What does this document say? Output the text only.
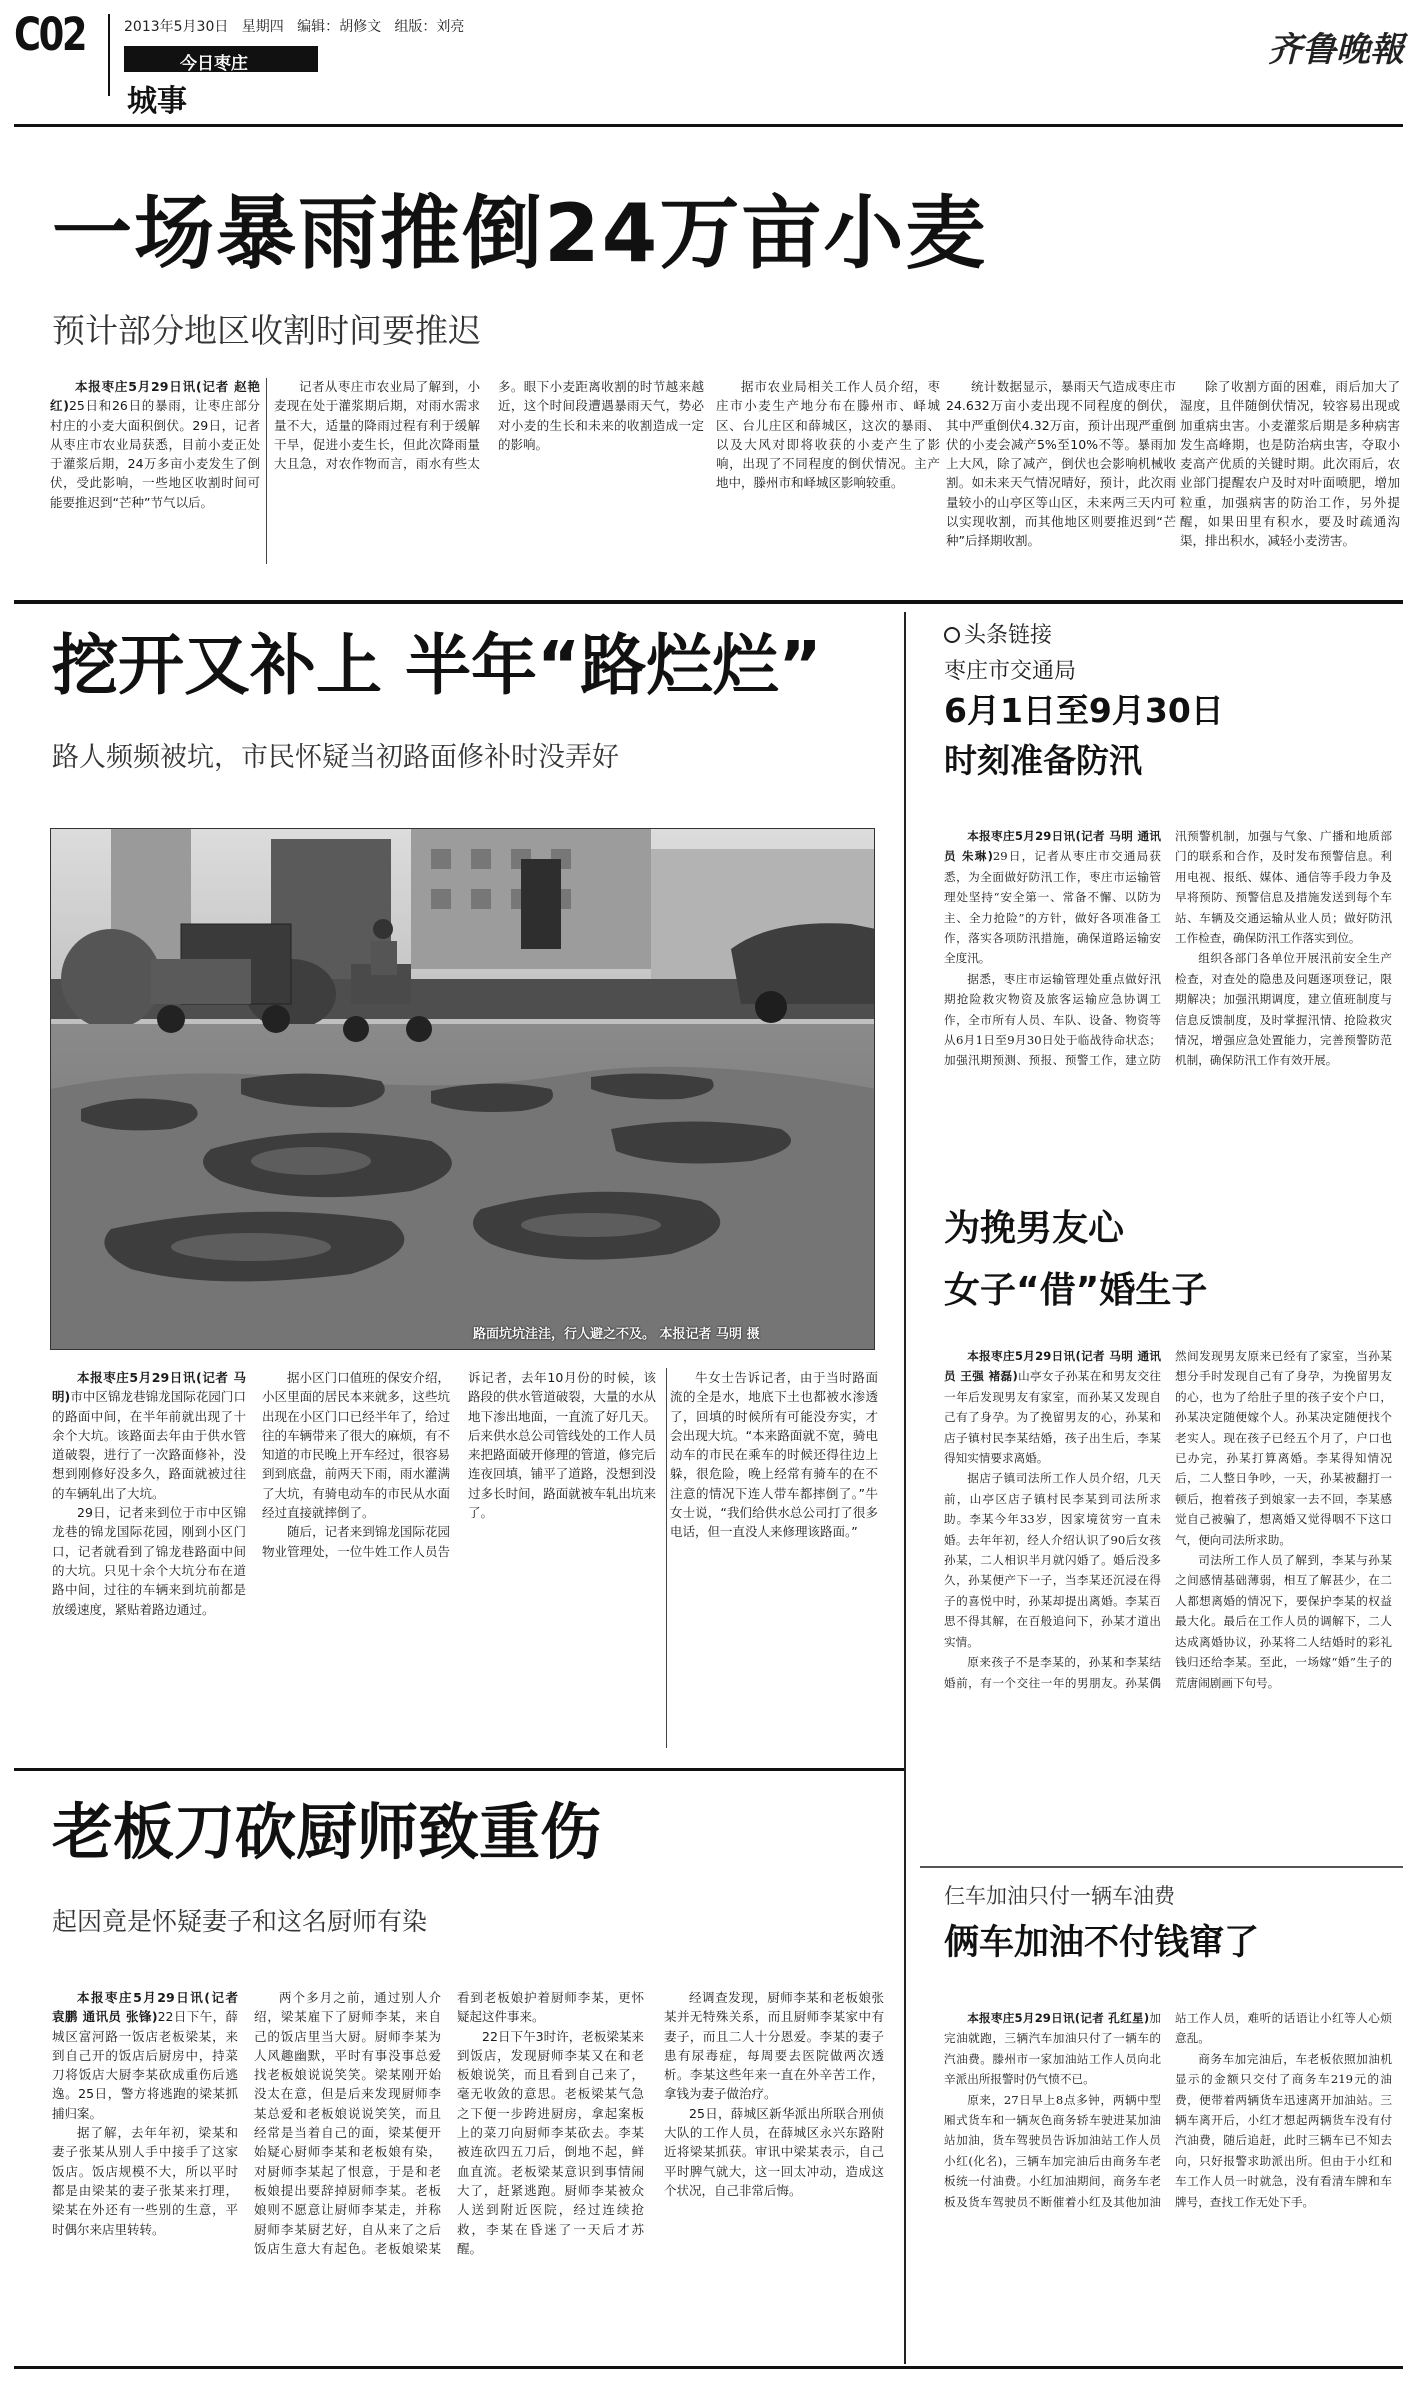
C02	2013年5月30日 星期四 编辑：胡修文 组版：刘亮
今日枣庄
城事
齐鲁晚報
一场暴雨推倒24万亩小麦
预计部分地区收割时间要推迟

本报枣庄5月29日讯(记者 赵艳红)25日和26日的暴雨，让枣庄部分村庄的小麦大面积倒伏。29日，记者从枣庄市农业局获悉，目前小麦正处于灌浆后期，24万多亩小麦发生了倒伏，受此影响，一些地区收割时间可能要推迟到“芒种”节气以后。

记者从枣庄市农业局了解到，小麦现在处于灌浆期后期，对雨水需求量不大，适量的降雨过程有利于缓解干旱，促进小麦生长，但此次降雨量大且急，对农作物而言，雨水有些太多。眼下小麦距离收割的时节越来越近，这个时间段遭遇暴雨天气，势必对小麦的生长和未来的收割造成一定的影响。

据市农业局相关工作人员介绍，枣庄市小麦生产地分布在滕州市、峄城区、台儿庄区和薛城区，这次的暴雨、以及大风对即将收获的小麦产生了影响，出现了不同程度的倒伏情况。主产地中，滕州市和峄城区影响较重。

统计数据显示，暴雨天气造成枣庄市24.632万亩小麦出现不同程度的倒伏，其中严重倒伏4.32万亩，预计出现严重倒伏的小麦会减产5%至10%不等。暴雨加上大风，除了减产，倒伏也会影响机械收割。如未来天气情况晴好，预计，此次雨量较小的山亭区等山区，未来两三天内可以实现收割，而其他地区则要推迟到“芒种”后择期收割。

除了收割方面的困难，雨后加大了湿度，且伴随倒伏情况，较容易出现或加重病虫害。小麦灌浆后期是多种病害发生高峰期，也是防治病虫害，夺取小麦高产优质的关键时期。此次雨后，农业部门提醒农户及时对叶面喷肥，增加粒重，加强病害的防治工作，另外提醒，如果田里有积水，要及时疏通沟渠，排出积水，减轻小麦涝害。

挖开又补上 半年“路烂烂”
路人频频被坑，市民怀疑当初路面修补时没弄好
路面坑坑洼洼，行人避之不及。 本报记者 马明 摄

本报枣庄5月29日讯(记者 马明)市中区锦龙巷锦龙国际花园门口的路面中间，在半年前就出现了十余个大坑。该路面去年由于供水管道破裂，进行了一次路面修补，没想到刚修好没多久，路面就被过往的车辆轧出了大坑。

29日，记者来到位于市中区锦龙巷的锦龙国际花园，刚到小区门口，记者就看到了锦龙巷路面中间的大坑。只见十余个大坑分布在道路中间，过往的车辆来到坑前都是放缓速度，紧贴着路边通过。

据小区门口值班的保安介绍，小区里面的居民本来就多，这些坑出现在小区门口已经半年了，给过往的车辆带来了很大的麻烦，有不知道的市民晚上开车经过，很容易到到底盘，前两天下雨，雨水灌满了大坑，有骑电动车的市民从水面经过直接就摔倒了。

随后，记者来到锦龙国际花园物业管理处，一位牛姓工作人员告诉记者，去年10月份的时候，该路段的供水管道破裂，大量的水从地下渗出地面，一直流了好几天。后来供水总公司管线处的工作人员来把路面破开修理的管道，修完后连夜回填，铺平了道路，没想到没过多长时间，路面就被车轧出坑来了。

牛女士告诉记者，由于当时路面流的全是水，地底下土也都被水渗透了，回填的时候所有可能没夯实，才会出现大坑。“本来路面就不宽，骑电动车的市民在乘车的时候还得往边上躲，很危险，晚上经常有骑车的在不注意的情况下连人带车都摔倒了。”牛女士说，“我们给供水总公司打了很多电话，但一直没人来修理该路面。”

老板刀砍厨师致重伤
起因竟是怀疑妻子和这名厨师有染

本报枣庄5月29日讯(记者 袁鹏 通讯员 张锋)22日下午，薛城区富河路一饭店老板梁某，来到自己开的饭店后厨房中，持菜刀将饭店大厨李某砍成重伤后逃逸。25日，警方将逃跑的梁某抓捕归案。

据了解，去年年初，梁某和妻子张某从别人手中接手了这家饭店。饭店规模不大，所以平时都是由梁某的妻子张某来打理，梁某在外还有一些别的生意，平时偶尔来店里转转。

两个多月之前，通过别人介绍，梁某雇下了厨师李某，来自己的饭店里当大厨。厨师李某为人风趣幽默，平时有事没事总爱找老板娘说说笑笑。梁某刚开始没太在意，但是后来发现厨师李某总爱和老板娘说说笑笑，而且经常是当着自己的面，梁某便开始疑心厨师李某和老板娘有染，对厨师李某起了恨意，于是和老板娘提出要辞掉厨师李某。老板娘则不愿意让厨师李某走，并称厨师李某厨艺好，自从来了之后饭店生意大有起色。老板娘梁某看到老板娘护着厨师李某，更怀疑起这件事来。

22日下午3时许，老板梁某来到饭店，发现厨师李某又在和老板娘说笑，而且看到自己来了，毫无收敛的意思。老板梁某气急之下便一步跨进厨房，拿起案板上的菜刀向厨师李某砍去。李某被连砍四五刀后，倒地不起，鲜血直流。老板梁某意识到事情闹大了，赶紧逃跑。厨师李某被众人送到附近医院，经过连续抢救，李某在昏迷了一天后才苏醒。

经调查发现，厨师李某和老板娘张某并无特殊关系，而且厨师李某家中有妻子，而且二人十分恩爱。李某的妻子患有尿毒症，每周要去医院做两次透析。李某这些年来一直在外辛苦工作，拿钱为妻子做治疗。

25日，薛城区新华派出所联合刑侦大队的工作人员，在薛城区永兴东路附近将梁某抓获。审讯中梁某表示，自己平时脾气就大，这一回太冲动，造成这个状况，自己非常后悔。

头条链接
枣庄市交通局
6月1日至9月30日
时刻准备防汛

本报枣庄5月29日讯(记者 马明 通讯员 朱琳)29日，记者从枣庄市交通局获悉，为全面做好防汛工作，枣庄市运输管理处坚持“安全第一、常备不懈、以防为主、全力抢险”的方针，做好各项准备工作，落实各项防汛措施，确保道路运输安全度汛。

据悉，枣庄市运输管理处重点做好汛期抢险救灾物资及旅客运输应急协调工作，全市所有人员、车队、设备、物资等从6月1日至9月30日处于临战待命状态；加强汛期预测、预报、预警工作，建立防汛预警机制，加强与气象、广播和地质部门的联系和合作，及时发布预警信息。利用电视、报纸、媒体、通信等手段力争及早将预防、预警信息及措施发送到每个车站、车辆及交通运输从业人员；做好防汛工作检查，确保防汛工作落实到位。

组织各部门各单位开展汛前安全生产检查，对查处的隐患及问题逐项登记，限期解决；加强汛期调度，建立值班制度与信息反馈制度，及时掌握汛情、抢险救灾情况，增强应急处置能力，完善预警防范机制，确保防汛工作有效开展。

为挽男友心
女子“借”婚生子

本报枣庄5月29日讯(记者 马明 通讯员 王强 褚磊)山亭女子孙某在和男友交往一年后发现男友有家室，而孙某又发现自己有了身孕。为了挽留男友的心，孙某和店子镇村民李某结婚，孩子出生后，李某得知实情要求离婚。

据店子镇司法所工作人员介绍，几天前，山亭区店子镇村民李某到司法所求助。李某今年33岁，因家境贫穷一直未婚。去年年初，经人介绍认识了90后女孩孙某，二人相识半月就闪婚了。婚后没多久，孙某便产下一子，当李某还沉浸在得子的喜悦中时，孙某却提出离婚。李某百思不得其解，在百般追问下，孙某才道出实情。

原来孩子不是李某的，孙某和李某结婚前，有一个交往一年的男朋友。孙某偶然间发现男友原来已经有了家室，当孙某想分手时发现自己有了身孕，为挽留男友的心，也为了给肚子里的孩子安个户口，孙某决定随便嫁个人。孙某决定随便找个老实人。现在孩子已经五个月了，户口也已办完，孙某打算离婚。李某得知情况后，二人整日争吵，一天，孙某被翻打一顿后，抱着孩子到娘家一去不回，李某感觉自己被骗了，想离婚又觉得咽不下这口气，便向司法所求助。

司法所工作人员了解到，李某与孙某之间感情基础薄弱，相互了解甚少，在二人都想离婚的情况下，要保护李某的权益最大化。最后在工作人员的调解下，二人达成离婚协议，孙某将二人结婚时的彩礼钱归还给李某。至此，一场嫁“婚”生子的荒唐闹剧画下句号。

仨车加油只付一辆车油费
俩车加油不付钱窜了

本报枣庄5月29日讯(记者 孔红星)加完油就跑，三辆汽车加油只付了一辆车的汽油费。滕州市一家加油站工作人员向北辛派出所报警时仍气愤不已。

原来，27日早上8点多钟，两辆中型厢式货车和一辆灰色商务轿车驶进某加油站加油，货车驾驶员告诉加油站工作人员小红(化名)，三辆车加完油后由商务车老板统一付油费。小红加油期间，商务车老板及货车驾驶员不断催着小红及其他加油站工作人员，难听的话语让小红等人心烦意乱。

商务车加完油后，车老板依照加油机显示的金额只交付了商务车219元的油费，便带着两辆货车迅速离开加油站。三辆车离开后，小红才想起两辆货车没有付汽油费，随后追赶，此时三辆车已不知去向，只好报警求助派出所。但由于小红和车工作人员一时就急，没有看清车牌和车牌号，查找工作无处下手。
